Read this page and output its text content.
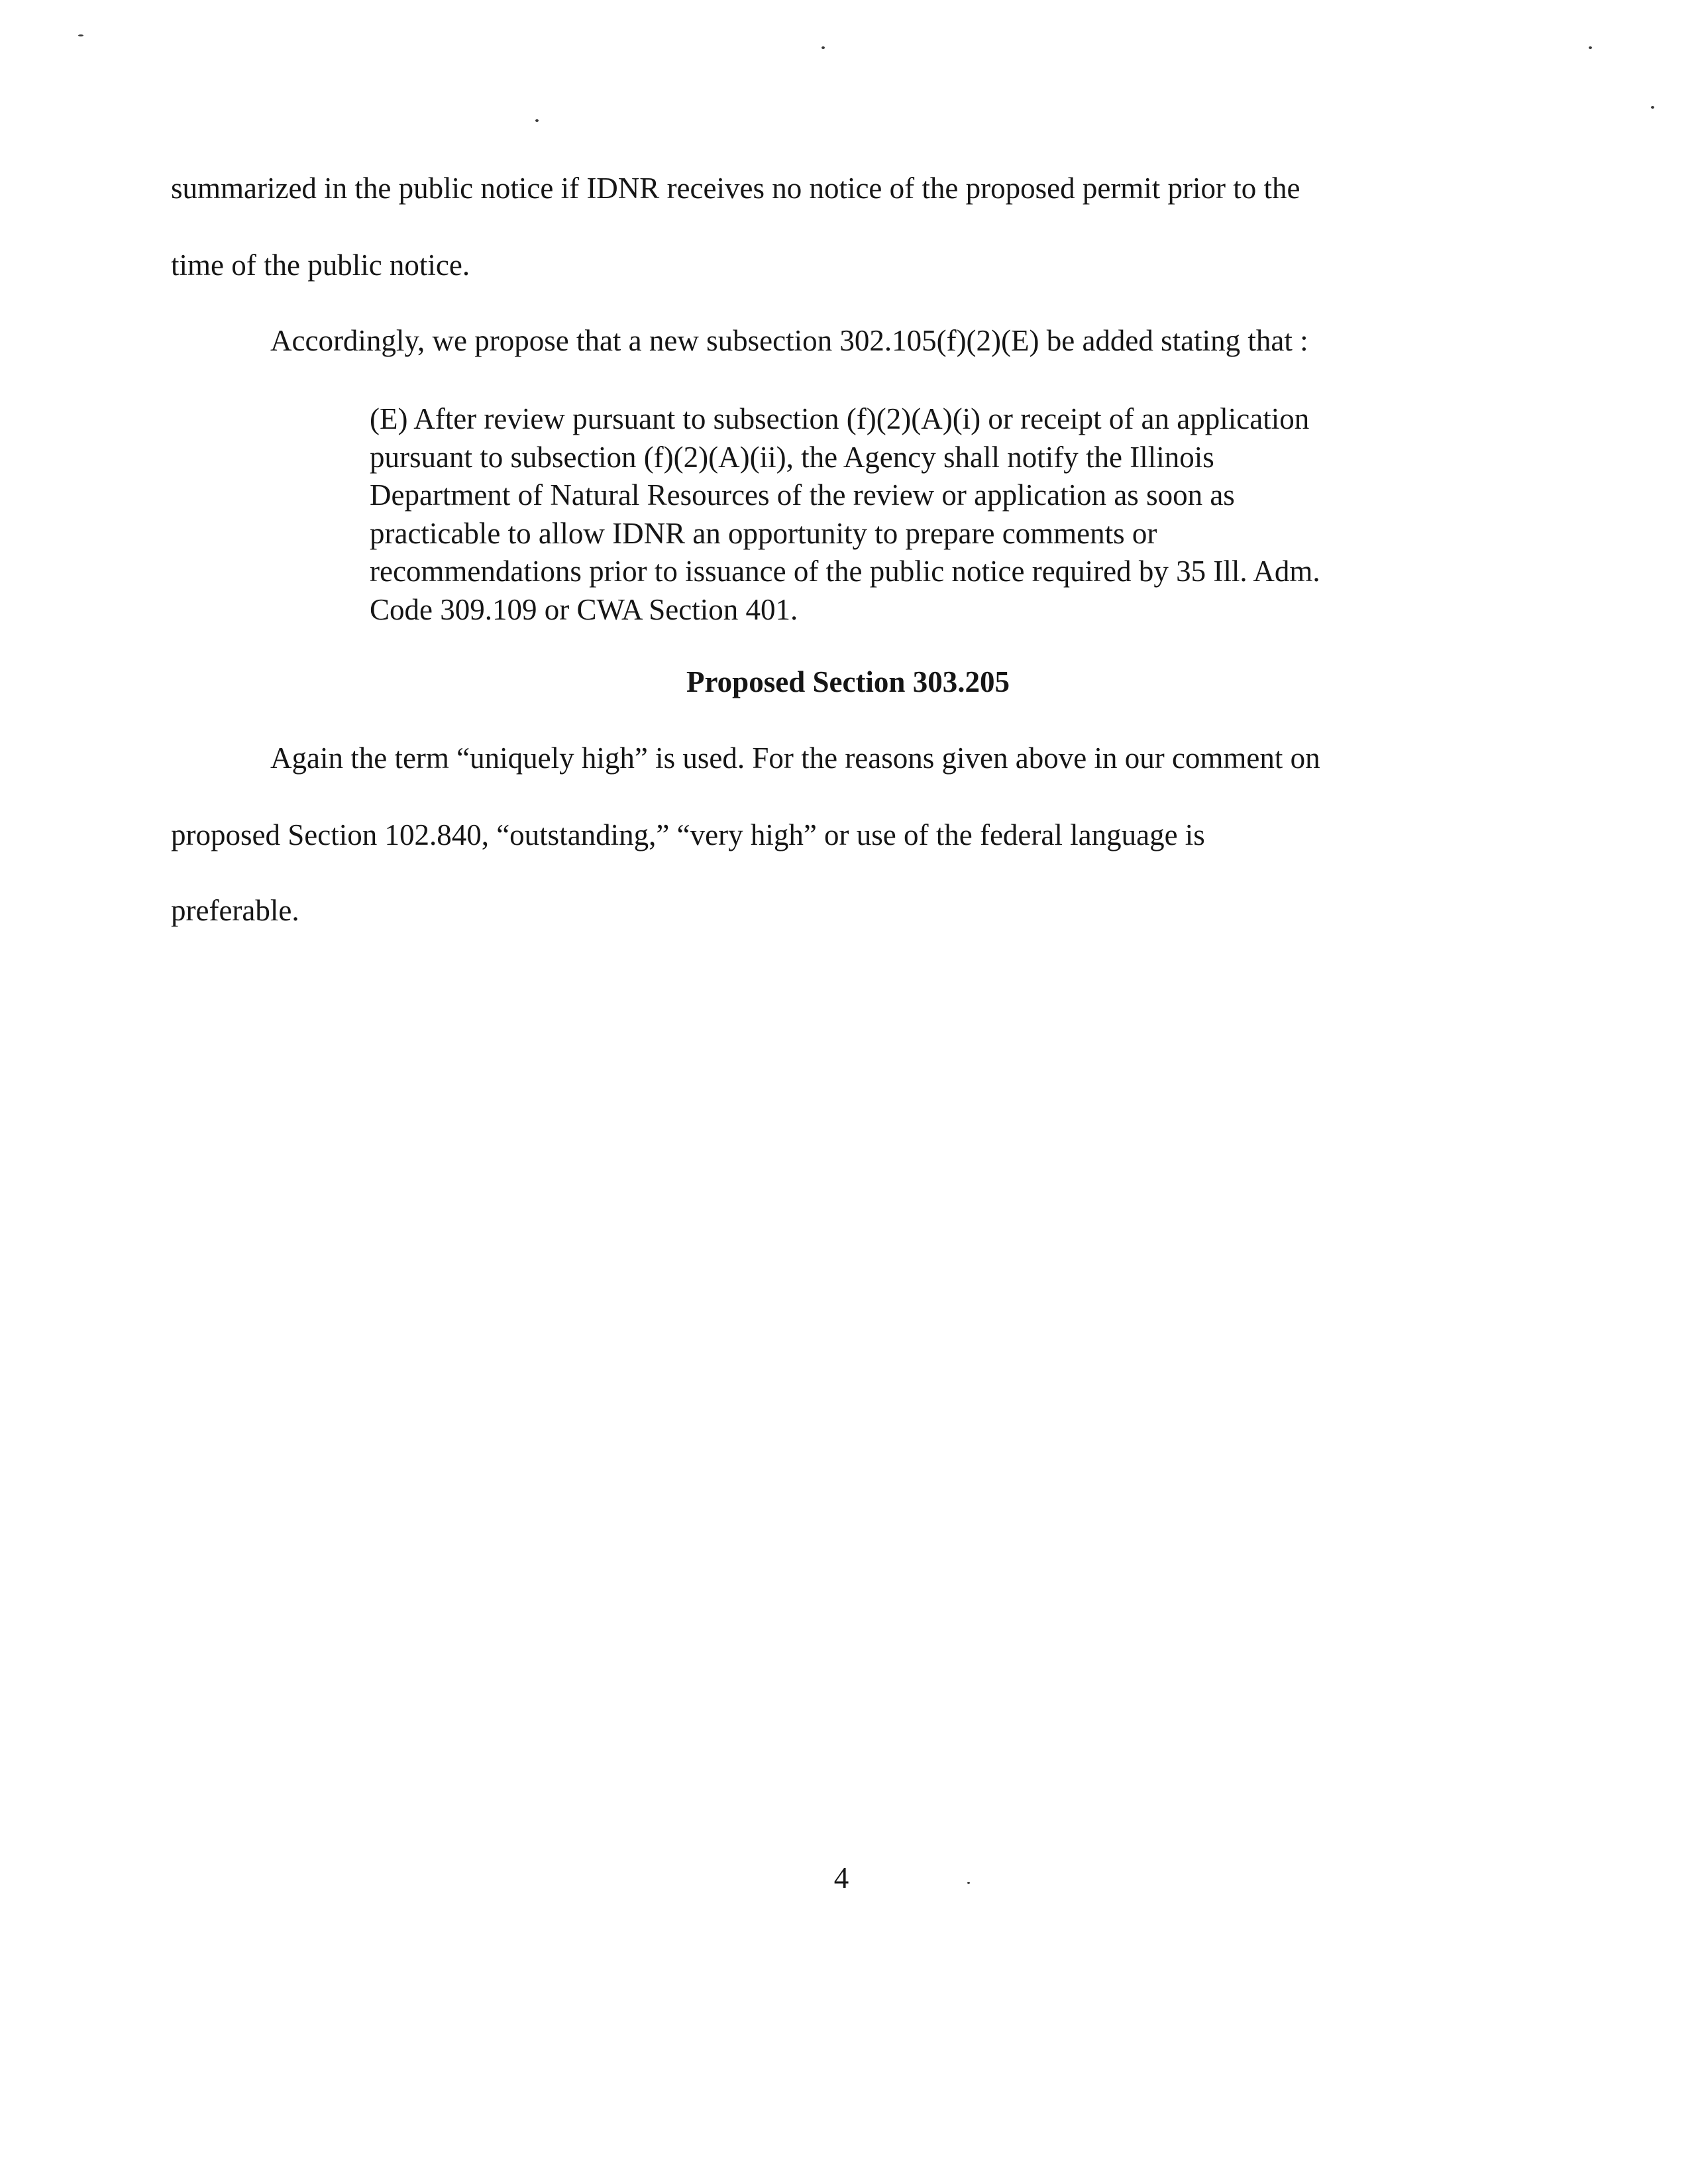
summarized in the public notice if IDNR receives no notice of the proposed permit prior to the
time of the public notice.
Accordingly, we propose that a new subsection 302.105(f)(2)(E) be added stating that :
(E) After review pursuant to subsection (f)(2)(A)(i) or receipt of an application
pursuant to subsection (f)(2)(A)(ii), the Agency shall notify the Illinois
Department of Natural Resources of the review or application as soon as
practicable to allow IDNR an opportunity to prepare comments or
recommendations prior to issuance of the public notice required by 35 Ill. Adm.
Code 309.109 or CWA Section 401.
Proposed Section 303.205
Again the term “uniquely high” is used. For the reasons given above in our comment on
proposed Section 102.840, “outstanding,” “very high” or use of the federal language is
preferable.
4
